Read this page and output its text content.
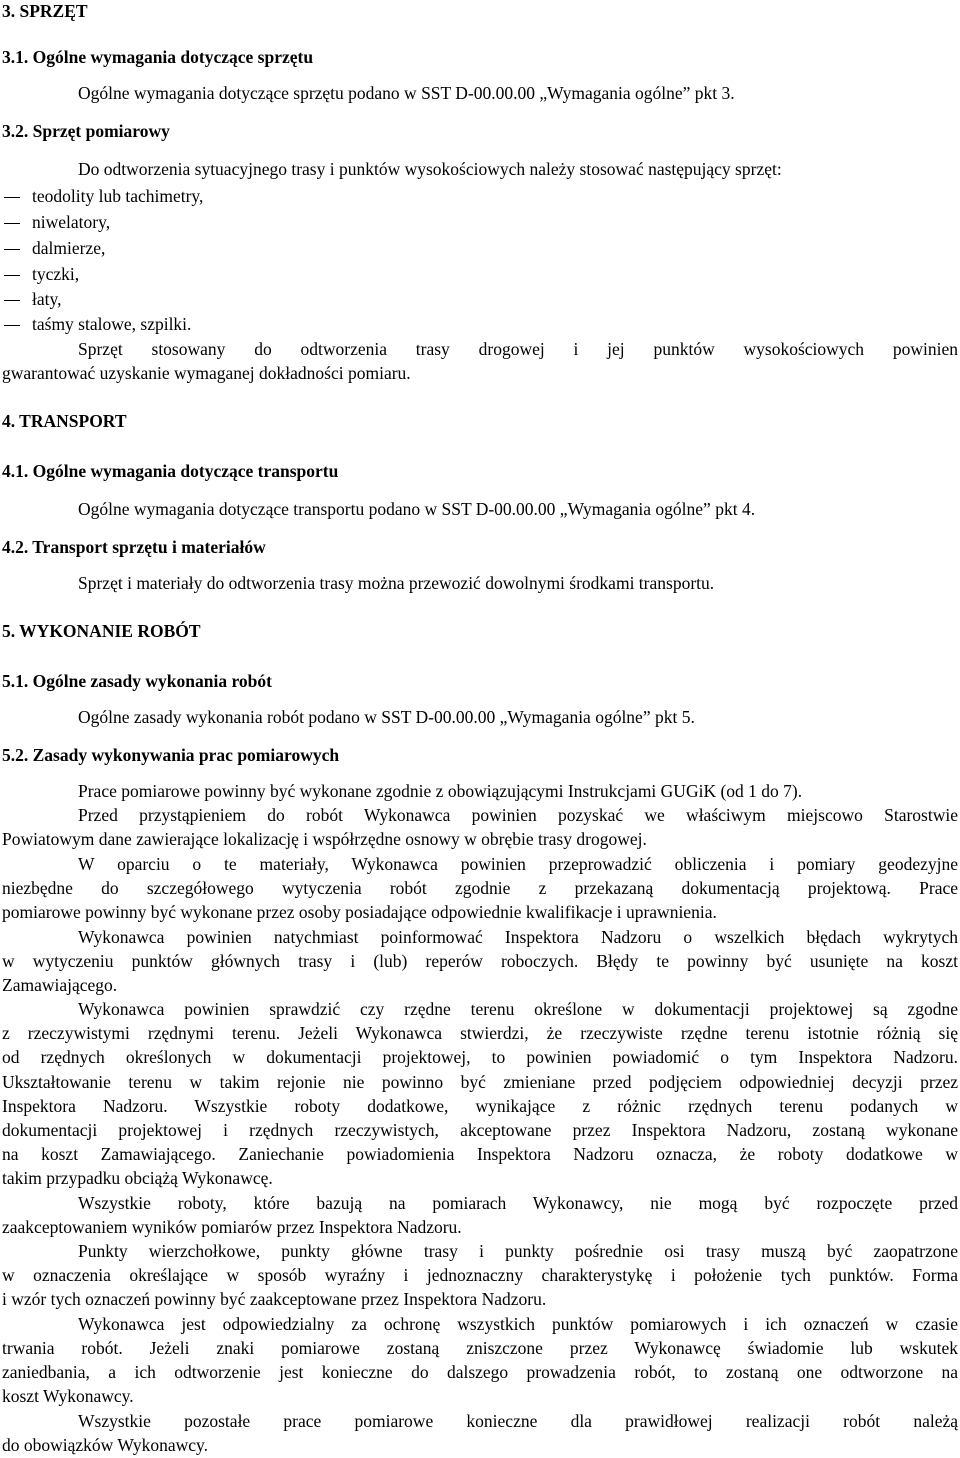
3. SPRZĘT
3.1. Ogólne wymagania dotyczące sprzętu
Ogólne wymagania dotyczące sprzętu podano w SST D-00.00.00 „Wymagania ogólne” pkt 3.
3.2. Sprzęt pomiarowy
Do odtworzenia sytuacyjnego trasy i punktów wysokościowych należy stosować następujący sprzęt:
teodolity lub tachimetry,
niwelatory,
dalmierze,
tyczki,
łaty,
taśmy stalowe, szpilki.
Sprzęt stosowany do odtworzenia trasy drogowej i jej punktów wysokościowych powinien
gwarantować uzyskanie wymaganej dokładności pomiaru.
4. TRANSPORT
4.1. Ogólne wymagania dotyczące transportu
Ogólne wymagania dotyczące transportu podano w SST D-00.00.00 „Wymagania ogólne” pkt 4.
4.2. Transport sprzętu i materiałów
Sprzęt i materiały do odtworzenia trasy można przewozić dowolnymi środkami transportu.
5. WYKONANIE ROBÓT
5.1. Ogólne zasady wykonania robót
Ogólne zasady wykonania robót podano w SST D-00.00.00 „Wymagania ogólne” pkt 5.
5.2. Zasady wykonywania prac pomiarowych
Prace pomiarowe powinny być wykonane zgodnie z obowiązującymi Instrukcjami GUGiK (od 1 do 7).
Przed przystąpieniem do robót Wykonawca powinien pozyskać we właściwym miejscowo Starostwie
Powiatowym dane zawierające lokalizację i współrzędne osnowy w obrębie trasy drogowej.
W oparciu o te materiały, Wykonawca powinien przeprowadzić obliczenia i pomiary geodezyjne
niezbędne do szczegółowego wytyczenia robót zgodnie z przekazaną dokumentacją projektową. Prace
pomiarowe powinny być wykonane przez osoby posiadające odpowiednie kwalifikacje i uprawnienia.
Wykonawca powinien natychmiast poinformować Inspektora Nadzoru o wszelkich błędach wykrytych
w wytyczeniu punktów głównych trasy i (lub) reperów roboczych. Błędy te powinny być usunięte na koszt
Zamawiającego.
Wykonawca powinien sprawdzić czy rzędne terenu określone w dokumentacji projektowej są zgodne
z rzeczywistymi rzędnymi terenu. Jeżeli Wykonawca stwierdzi, że rzeczywiste rzędne terenu istotnie różnią się
od rzędnych określonych w dokumentacji projektowej, to powinien powiadomić o tym Inspektora Nadzoru.
Ukształtowanie terenu w takim rejonie nie powinno być zmieniane przed podjęciem odpowiedniej decyzji przez
Inspektora Nadzoru. Wszystkie roboty dodatkowe, wynikające z różnic rzędnych terenu podanych w
dokumentacji projektowej i rzędnych rzeczywistych, akceptowane przez Inspektora Nadzoru, zostaną wykonane
na koszt Zamawiającego. Zaniechanie powiadomienia Inspektora Nadzoru oznacza, że roboty dodatkowe w
takim przypadku obciążą Wykonawcę.
Wszystkie roboty, które bazują na pomiarach Wykonawcy, nie mogą być rozpoczęte przed
zaakceptowaniem wyników pomiarów przez Inspektora Nadzoru.
Punkty wierzchołkowe, punkty główne trasy i punkty pośrednie osi trasy muszą być zaopatrzone
w oznaczenia określające w sposób wyraźny i jednoznaczny charakterystykę i położenie tych punktów. Forma
i wzór tych oznaczeń powinny być zaakceptowane przez Inspektora Nadzoru.
Wykonawca jest odpowiedzialny za ochronę wszystkich punktów pomiarowych i ich oznaczeń w czasie
trwania robót. Jeżeli znaki pomiarowe zostaną zniszczone przez Wykonawcę świadomie lub wskutek
zaniedbania, a ich odtworzenie jest konieczne do dalszego prowadzenia robót, to zostaną one odtworzone na
koszt Wykonawcy.
Wszystkie pozostałe prace pomiarowe konieczne dla prawidłowej realizacji robót należą
do obowiązków Wykonawcy.
